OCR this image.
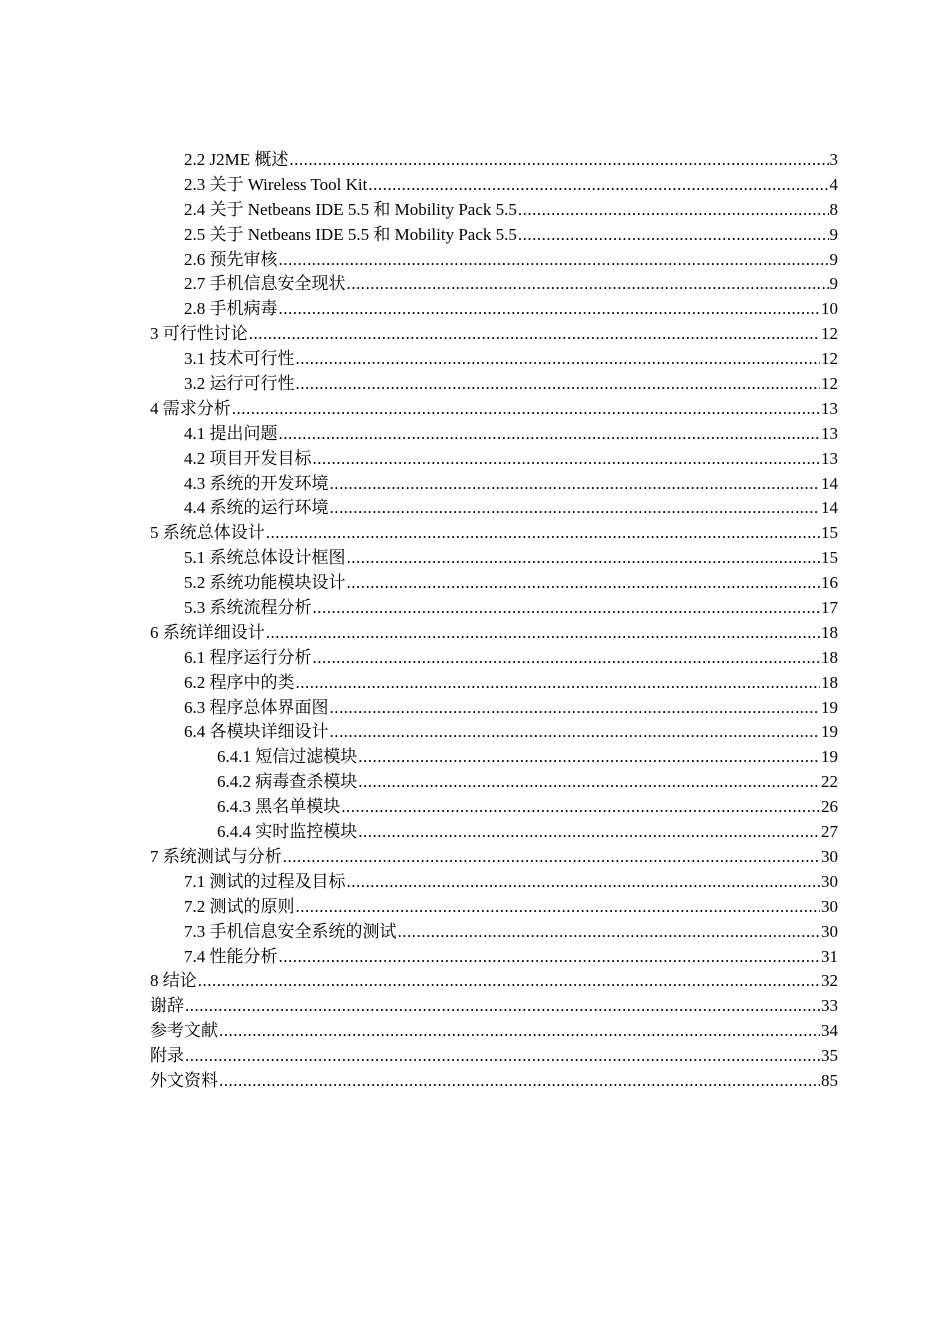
2.2 J2ME 概述 .....	3
2.3 关于 Wireless Tool Kit .....	4
2.4 关于 Netbeans IDE 5.5 和 Mobility Pack 5.5 .....	8
2.5 关于 Netbeans IDE 5.5 和 Mobility Pack 5.5 .....	9
2.6 预先审核 .....	9
2.7 手机信息安全现状 .....	9
2.8 手机病毒 .....	10
3 可行性讨论 .....	12
3.1 技术可行性 .....	12
3.2 运行可行性 .....	12
4 需求分析 .....	13
4.1 提出问题 .....	13
4.2 项目开发目标 .....	13
4.3 系统的开发环境 .....	14
4.4 系统的运行环境 .....	14
5 系统总体设计 .....	15
5.1 系统总体设计框图 .....	15
5.2 系统功能模块设计 .....	16
5.3 系统流程分析 .....	17
6 系统详细设计 .....	18
6.1 程序运行分析 .....	18
6.2 程序中的类 .....	18
6.3 程序总体界面图 .....	19
6.4 各模块详细设计 .....	19
6.4.1 短信过滤模块 .....	19
6.4.2 病毒查杀模块 .....	22
6.4.3 黑名单模块 .....	26
6.4.4 实时监控模块 .....	27
7 系统测试与分析 .....	30
7.1 测试的过程及目标 .....	30
7.2 测试的原则 .....	30
7.3 手机信息安全系统的测试 .....	30
7.4 性能分析 .....	31
8 结论 .....	32
谢辞 .....	33
参考文献 .....	34
附录 .....	35
外文资料 .....	85
